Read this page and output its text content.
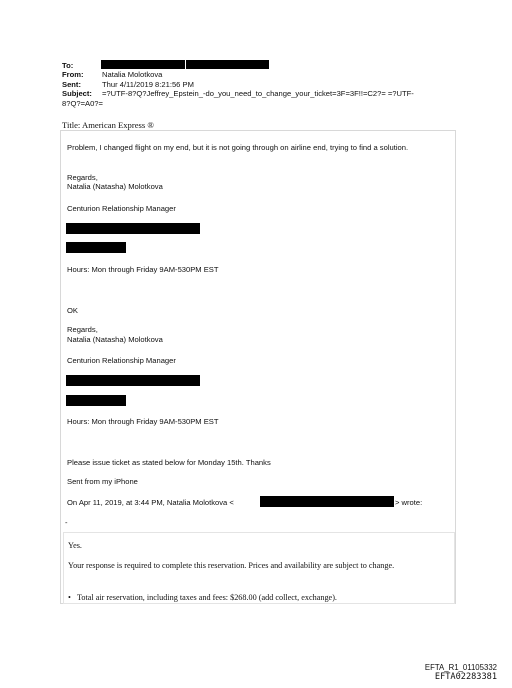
To:
From: Natalia Molotkova
Sent:	Thur 4/11/2019 8:21:56 PM
Subject: =?UTF-8?Q?Jeffrey_Epstein_-do_you_need_to_change_your_ticket=3F=3F!!=C2?= =?UTF-
8?Q?=A0?=
Title: American Express ®
Problem, I changed flight on my end, but it is not going through on airline end, trying to find a solution.
Regards,
Natalia (Natasha) Molotkova
Centurion Relationship Manager
Hours: Mon through Friday 9AM-530PM EST
OK
Regards,
Natalia (Natasha) Molotkova
Centurion Relationship Manager
Hours: Mon through Friday 9AM-530PM EST
Please issue ticket as stated below for Monday 15th. Thanks
Sent from my iPhone
On Apr 11, 2019, at 3:44 PM, Natalia Molotkova <	> wrote:
-
Yes.
Your response is required to complete this reservation. Prices and availability are subject to change.
• Total air reservation, including taxes and fees: $268.00 (add collect, exchange).
EFTA_R1_01105332
EFTA02283381
